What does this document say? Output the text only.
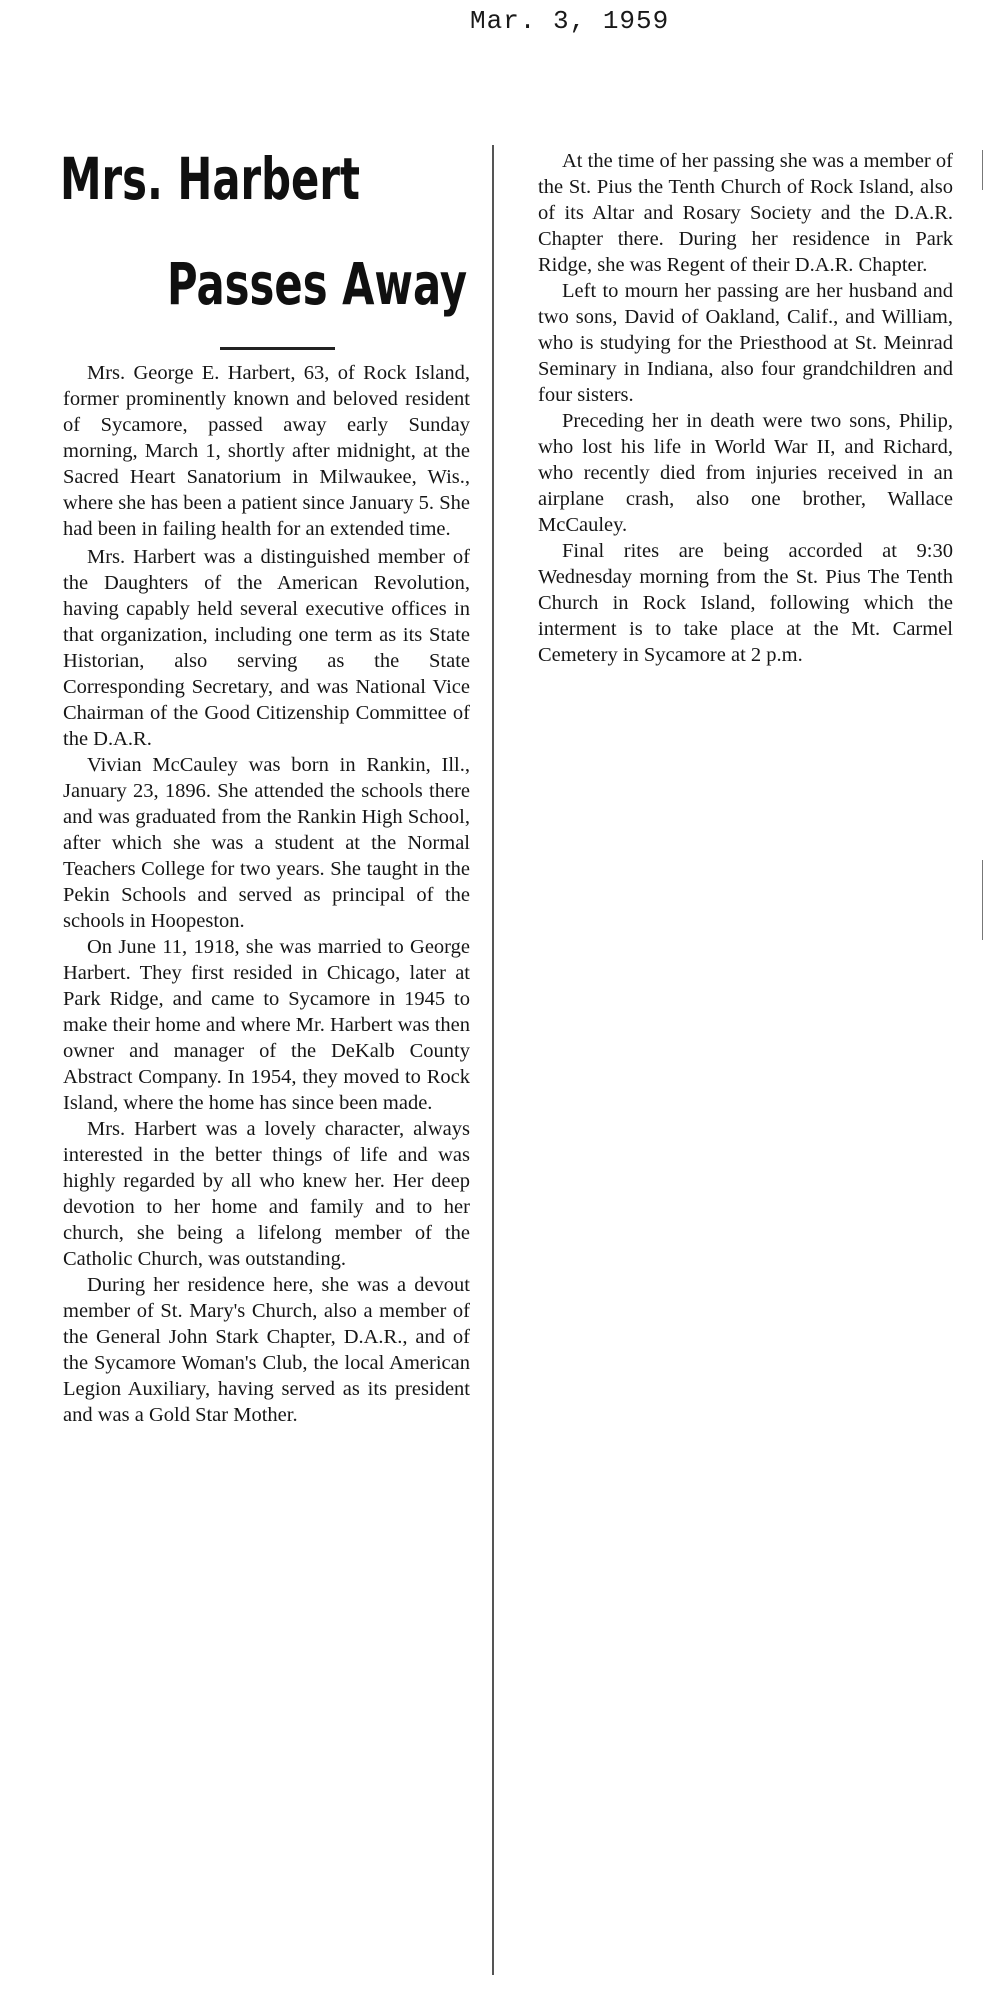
Mar. 3, 1959
Mrs. Harbert
Passes Away

Mrs. George E. Harbert, 63, of Rock Island, former prominently known and beloved resident of Sycamore, passed away early Sunday morning, March 1, shortly after midnight, at the Sacred Heart Sanatorium in Milwaukee, Wis., where she has been a patient since January 5. She had been in failing health for an extended time.

Mrs. Harbert was a distinguished member of the Daughters of the American Revolution, having capably held several executive offices in that organization, including one term as its State Historian, also serving as the State Corresponding Secretary, and was National Vice Chairman of the Good Citizenship Committee of the D.A.R.

Vivian McCauley was born in Rankin, Ill., January 23, 1896. She attended the schools there and was graduated from the Rankin High School, after which she was a student at the Normal Teachers College for two years. She taught in the Pekin Schools and served as principal of the schools in Hoopeston.

On June 11, 1918, she was married to George Harbert. They first resided in Chicago, later at Park Ridge, and came to Sycamore in 1945 to make their home and where Mr. Harbert was then owner and manager of the DeKalb County Abstract Company. In 1954, they moved to Rock Island, where the home has since been made.

Mrs. Harbert was a lovely character, always interested in the better things of life and was highly regarded by all who knew her. Her deep devotion to her home and family and to her church, she being a lifelong member of the Catholic Church, was outstanding.

During her residence here, she was a devout member of St. Mary's Church, also a member of the General John Stark Chapter, D.A.R., and of the Sycamore Woman's Club, the local American Legion Auxiliary, having served as its president and was a Gold Star Mother.

At the time of her passing she was a member of the St. Pius the Tenth Church of Rock Island, also of its Altar and Rosary Society and the D.A.R. Chapter there. During her residence in Park Ridge, she was Regent of their D.A.R. Chapter.

Left to mourn her passing are her husband and two sons, David of Oakland, Calif., and William, who is studying for the Priesthood at St. Meinrad Seminary in Indiana, also four grandchildren and four sisters.

Preceding her in death were two sons, Philip, who lost his life in World War II, and Richard, who recently died from injuries received in an airplane crash, also one brother, Wallace McCauley.

Final rites are being accorded at 9:30 Wednesday morning from the St. Pius The Tenth Church in Rock Island, following which the interment is to take place at the Mt. Carmel Cemetery in Sycamore at 2 p.m.
